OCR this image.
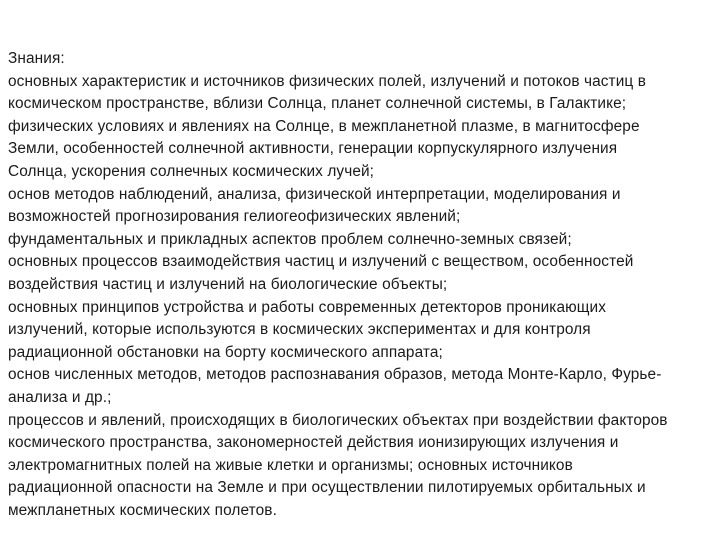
Знания:
основных характеристик и источников физических полей, излучений и потоков частиц в
космическом пространстве, вблизи Солнца, планет солнечной системы, в Галактике;
физических условиях и явлениях на Солнце, в межпланетной плазме, в магнитосфере
Земли, особенностей солнечной активности, генерации корпускулярного излучения
Солнца, ускорения солнечных космических лучей;
основ методов наблюдений, анализа, физической интерпретации, моделирования и
возможностей прогнозирования гелиогеофизических явлений;
фундаментальных и прикладных аспектов проблем солнечно-земных связей;
основных процессов взаимодействия частиц и излучений с веществом, особенностей
воздействия частиц и излучений на биологические объекты;
основных принципов устройства и работы современных детекторов проникающих
излучений, которые используются в космических экспериментах и для контроля
радиационной обстановки на борту космического аппарата;
основ численных методов, методов распознавания образов, метода Монте-Карло, Фурье-
анализа и др.;
процессов и явлений, происходящих в биологических объектах при воздействии факторов
космического пространства, закономерностей действия ионизирующих излучения и
электромагнитных полей на живые клетки и организмы; основных источников
радиационной опасности на Земле и при осуществлении пилотируемых орбитальных и
межпланетных космических полетов.
